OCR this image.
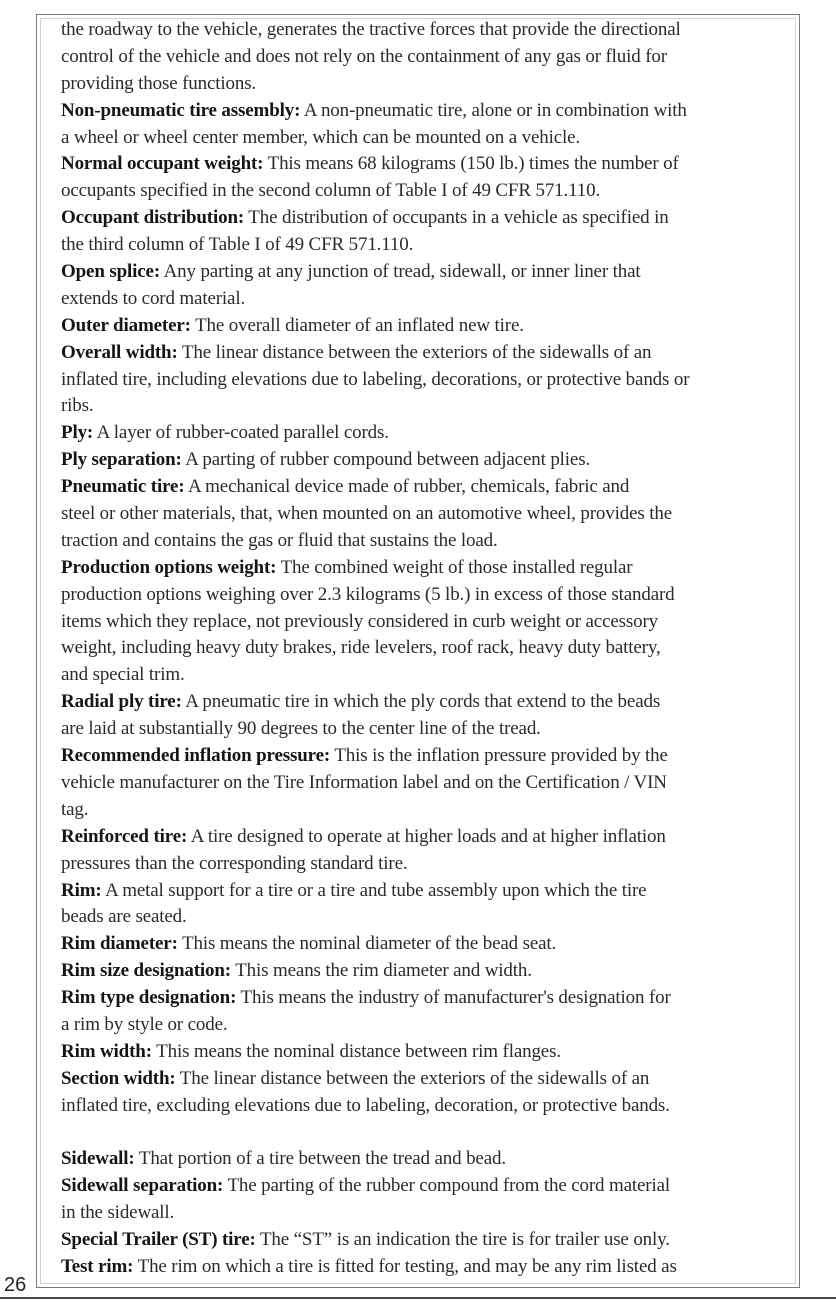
the roadway to the vehicle, generates the tractive forces that provide the directional
control of the vehicle and does not rely on the containment of any gas or fluid for
providing those functions.
Non-pneumatic tire assembly: A non-pneumatic tire, alone or in combination with
a wheel or wheel center member, which can be mounted on a vehicle.
Normal occupant weight: This means 68 kilograms (150 lb.) times the number of
occupants specified in the second column of Table I of 49 CFR 571.110.
Occupant distribution: The distribution of occupants in a vehicle as specified in
the third column of Table I of 49 CFR 571.110.
Open splice: Any parting at any junction of tread, sidewall, or inner liner that
extends to cord material.
Outer diameter: The overall diameter of an inflated new tire.
Overall width: The linear distance between the exteriors of the sidewalls of an
inflated tire, including elevations due to labeling, decorations, or protective bands or
ribs.
Ply: A layer of rubber-coated parallel cords.
Ply separation: A parting of rubber compound between adjacent plies.
Pneumatic tire: A mechanical device made of rubber, chemicals, fabric and
steel or other materials, that, when mounted on an automotive wheel, provides the
traction and contains the gas or fluid that sustains the load.
Production options weight: The combined weight of those installed regular
production options weighing over 2.3 kilograms (5 lb.) in excess of those standard
items which they replace, not previously considered in curb weight or accessory
weight, including heavy duty brakes, ride levelers, roof rack, heavy duty battery,
and special trim.
Radial ply tire: A pneumatic tire in which the ply cords that extend to the beads
are laid at substantially 90 degrees to the center line of the tread.
Recommended inflation pressure: This is the inflation pressure provided by the
vehicle manufacturer on the Tire Information label and on the Certification / VIN
tag.
Reinforced tire: A tire designed to operate at higher loads and at higher inflation
pressures than the corresponding standard tire.
Rim: A metal support for a tire or a tire and tube assembly upon which the tire
beads are seated.
Rim diameter: This means the nominal diameter of the bead seat.
Rim size designation: This means the rim diameter and width.
Rim type designation: This means the industry of manufacturer's designation for
a rim by style or code.
Rim width: This means the nominal distance between rim flanges.
Section width: The linear distance between the exteriors of the sidewalls of an
inflated tire, excluding elevations due to labeling, decoration, or protective bands.
Sidewall: That portion of a tire between the tread and bead.
Sidewall separation: The parting of the rubber compound from the cord material
in the sidewall.
Special Trailer (ST) tire: The “ST” is an indication the tire is for trailer use only.
Test rim: The rim on which a tire is fitted for testing, and may be any rim listed as
26
